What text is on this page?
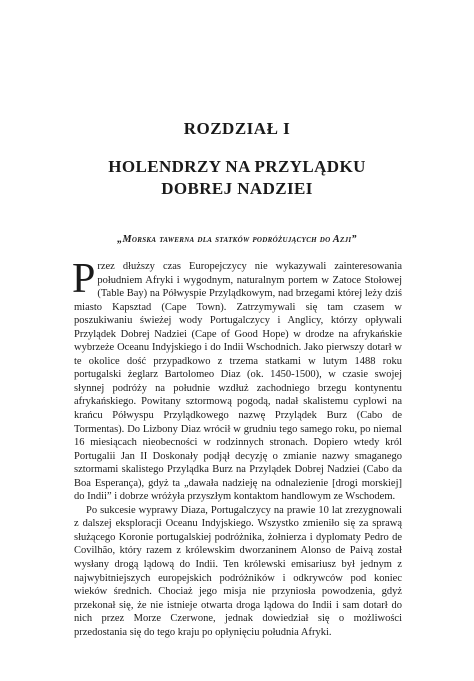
ROZDZIAŁ I
HOLENDRZY NA PRZYLĄDKU
DOBREJ NADZIEI
„Morska tawerna dla statków podróżujących do Azji”

Przez dłuższy czas Europejczycy nie wykazywali zainteresowania południem Afryki i wygodnym, naturalnym portem w Zatoce Stołowej (Table Bay) na Półwyspie Przylądkowym, nad brzegami której leży dziś miasto Kapsztad (Cape Town). Zatrzymywali się tam czasem w poszukiwaniu świeżej wody Portugalczycy i Anglicy, którzy opływali Przylądek Dobrej Nadziei (Cape of Good Hope) w drodze na afrykańskie wybrzeże Oceanu Indyjskiego i do Indii Wschodnich. Jako pierwszy dotarł w te okolice dość przypadkowo z trzema statkami w lutym 1488 roku portugalski żeglarz Bartolomeo Diaz (ok. 1450-1500), w czasie swojej słynnej podróży na południe wzdłuż zachodniego brzegu kontynentu afrykańskiego. Powitany sztormową pogodą, nadał skalistemu cyplowi na krańcu Półwyspu Przylądkowego nazwę Przylądek Burz (Cabo de Tormentas). Do Lizbony Diaz wrócił w grudniu tego samego roku, po niemal 16 miesiącach nieobecności w rodzinnych stronach. Dopiero wtedy król Portugalii Jan II Doskonały podjął decyzję o zmianie nazwy smaganego sztormami skalistego Przylądka Burz na Przylądek Dobrej Nadziei (Cabo da Boa Esperança), gdyż ta „dawała nadzieję na odnalezienie [drogi morskiej] do Indii” i dobrze wróżyła przyszłym kontaktom handlowym ze Wschodem.

Po sukcesie wyprawy Diaza, Portugalczycy na prawie 10 lat zrezygnowali z dalszej eksploracji Oceanu Indyjskiego. Wszystko zmieniło się za sprawą służącego Koronie portugalskiej podróżnika, żołnierza i dyplomaty Pedro de Covilhão, który razem z królewskim dworzaninem Alonso de Paivą został wysłany drogą lądową do Indii. Ten królewski emisariusz był jednym z najwybitniejszych europejskich podróżników i odkrywców pod koniec wieków średnich. Chociaż jego misja nie przyniosła powodzenia, gdyż przekonał się, że nie istnieje otwarta droga lądowa do Indii i sam dotarł do nich przez Morze Czerwone, jednak dowiedział się o możliwości przedostania się do tego kraju po opłynięciu południa Afryki.
